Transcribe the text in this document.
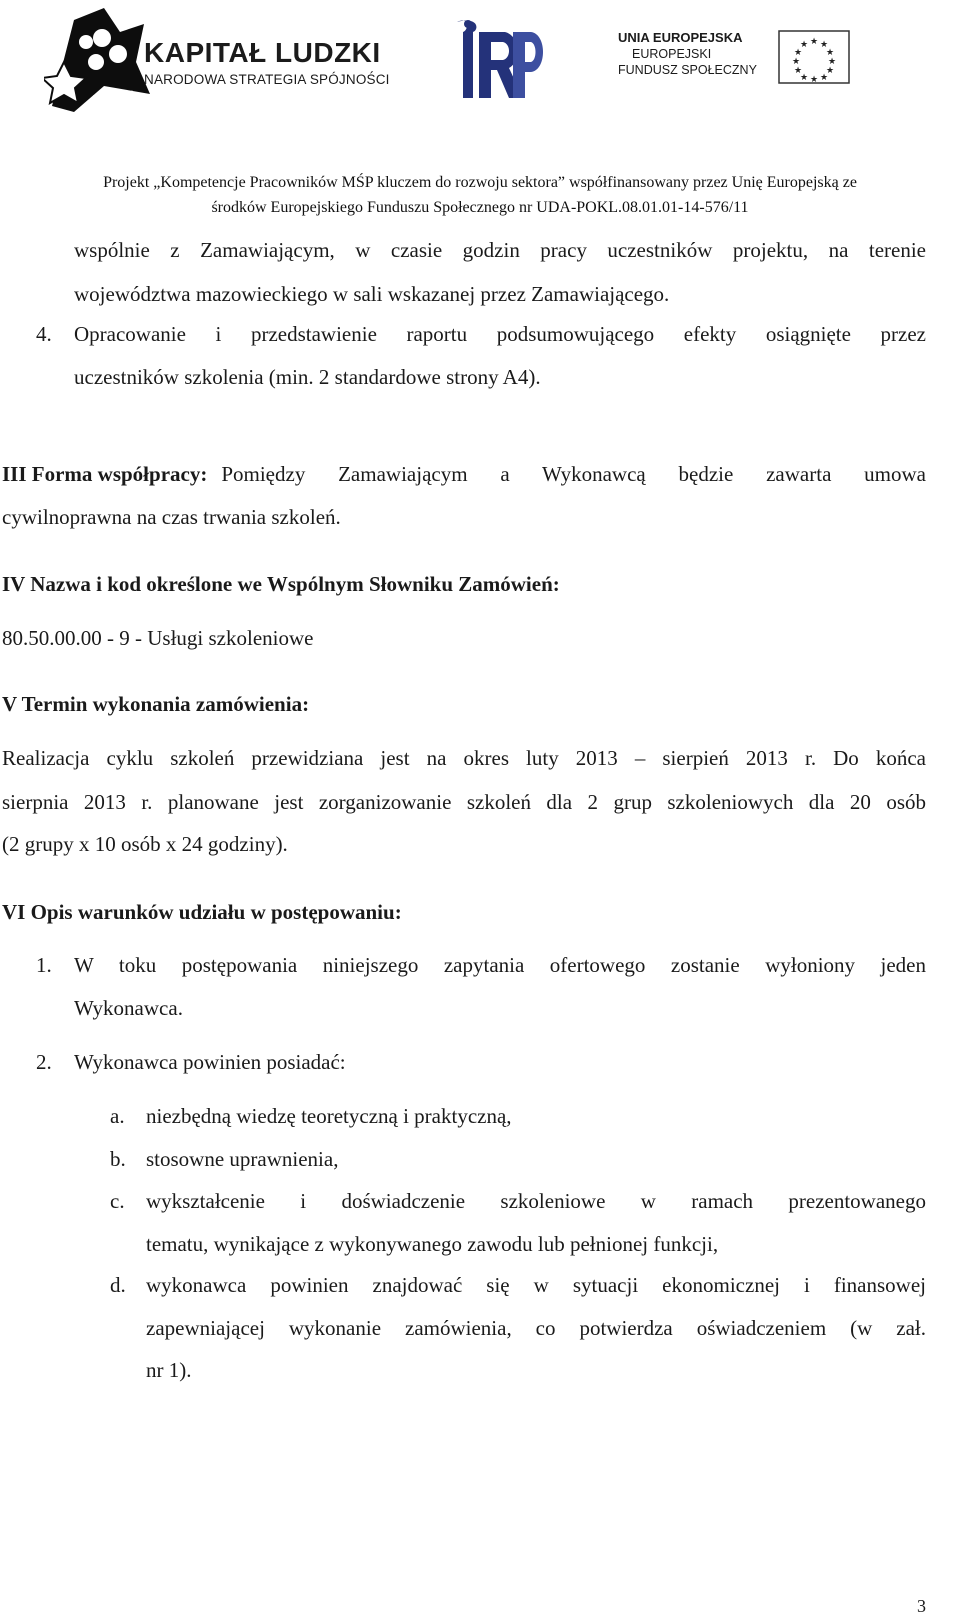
KAPITAŁ LUDZKI
NARODOWA STRATEGIA SPÓJNOŚCI
UNIA EUROPEJSKA
EUROPEJSKI
FUNDUSZ SPOŁECZNY
★ ★
★
★
★
★
★
★
★
★
★
★
Projekt „Kompetencje Pracowników MŚP kluczem do rozwoju sektora” współfinansowany przez Unię Europejską ze
środków Europejskiego Funduszu Społecznego nr UDA-POKL.08.01.01-14-576/11
wspólnie z Zamawiającym, w czasie godzin pracy uczestników projektu, na terenie
województwa mazowieckiego w sali wskazanej przez Zamawiającego.
4. Opracowanie i przedstawienie raportu podsumowującego efekty osiągnięte przez
uczestników szkolenia (min. 2 standardowe strony A4).
III Forma współpracy: Pomiędzy Zamawiającym a Wykonawcą będzie zawarta umowa
cywilnoprawna na czas trwania szkoleń.
IV Nazwa i kod określone we Wspólnym Słowniku Zamówień:
80.50.00.00 - 9 - Usługi szkoleniowe
V Termin wykonania zamówienia:
Realizacja cyklu szkoleń przewidziana jest na okres luty 2013 – sierpień 2013 r. Do końca
sierpnia 2013 r. planowane jest zorganizowanie szkoleń dla 2 grup szkoleniowych dla 20 osób
(2 grupy x 10 osób x 24 godziny).
VI Opis warunków udziału w postępowaniu:
1. W toku postępowania niniejszego zapytania ofertowego zostanie wyłoniony jeden
Wykonawca.
2. Wykonawca powinien posiadać:
a. niezbędną wiedzę teoretyczną i praktyczną,
b. stosowne uprawnienia,
c. wykształcenie i doświadczenie szkoleniowe w ramach prezentowanego
tematu, wynikające z wykonywanego zawodu lub pełnionej funkcji,
d. wykonawca powinien znajdować się w sytuacji ekonomicznej i finansowej
zapewniającej wykonanie zamówienia, co potwierdza oświadczeniem (w zał.
nr 1).
3
